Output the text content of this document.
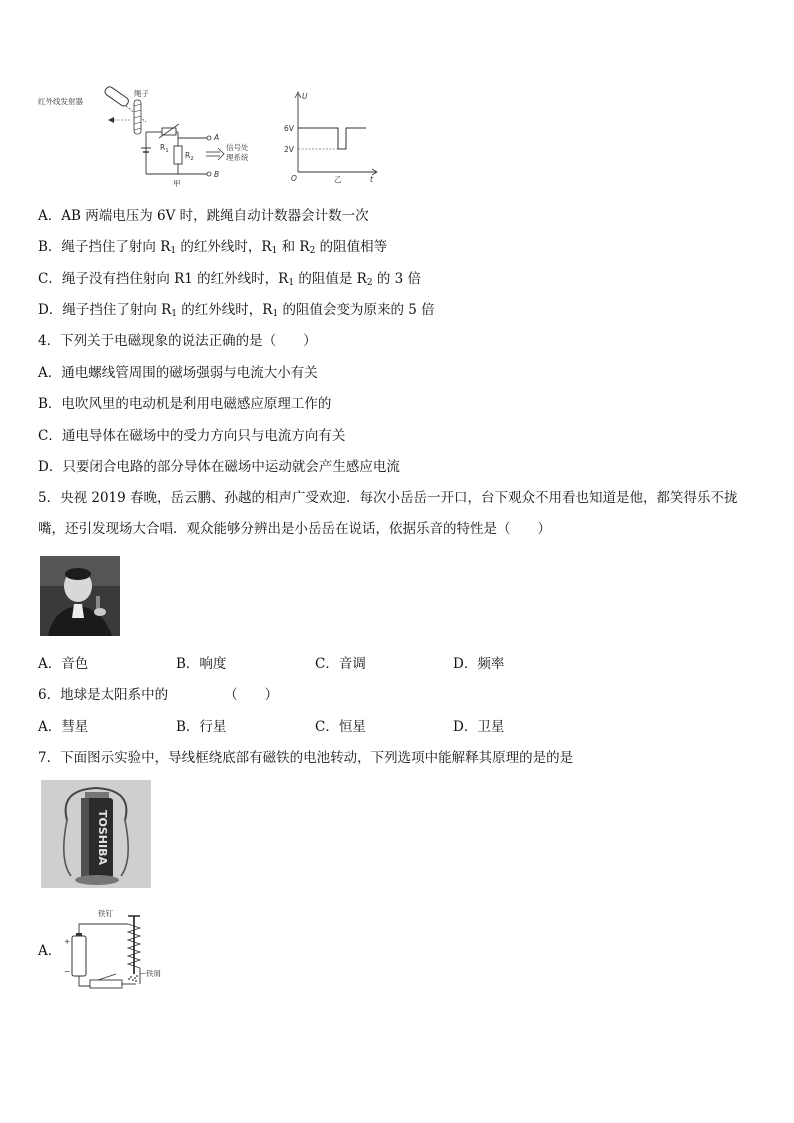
红外线发射器
绳子
$R_1$ $R_2$
A
B
信号处
理系统
甲
U
t
O
6V
2V
乙
A．AB 两端电压为 6V 时，跳绳自动计数器会计数一次
B．绳子挡住了射向 $R_1$ 的红外线时，$R_1$ 和 $R_2$ 的阻值相等
C．绳子没有挡住射向 R1 的红外线时，$R_1$ 的阻值是 $R_2$ 的 3 倍
D．绳子挡住了射向 $R_1$ 的红外线时，$R_1$ 的阻值会变为原来的 5 倍
4．下列关于电磁现象的说法正确的是（　　）
A．通电螺线管周围的磁场强弱与电流大小有关
B．电吹风里的电动机是利用电磁感应原理工作的
C．通电导体在磁场中的受力方向只与电流方向有关
D．只要闭合电路的部分导体在磁场中运动就会产生感应电流
5．央视 2019 春晚，岳云鹏、孙越的相声广受欢迎．每次小岳岳一开口，台下观众不用看也知道是他，都笑得乐不拢
嘴，还引发现场大合唱．观众能够分辨出是小岳岳在说话，依据乐音的特性是（　　）
A．音色	B．响度	C．音调	D．频率
6．地球是太阳系中的	（　　）
A．彗星	B．行星	C．恒星	D．卫星
7．下面图示实验中，导线框绕底部有磁铁的电池转动，下列选项中能解释其原理的是的是
TOSHIBA
A．
铁钉
铁屑
+
−
